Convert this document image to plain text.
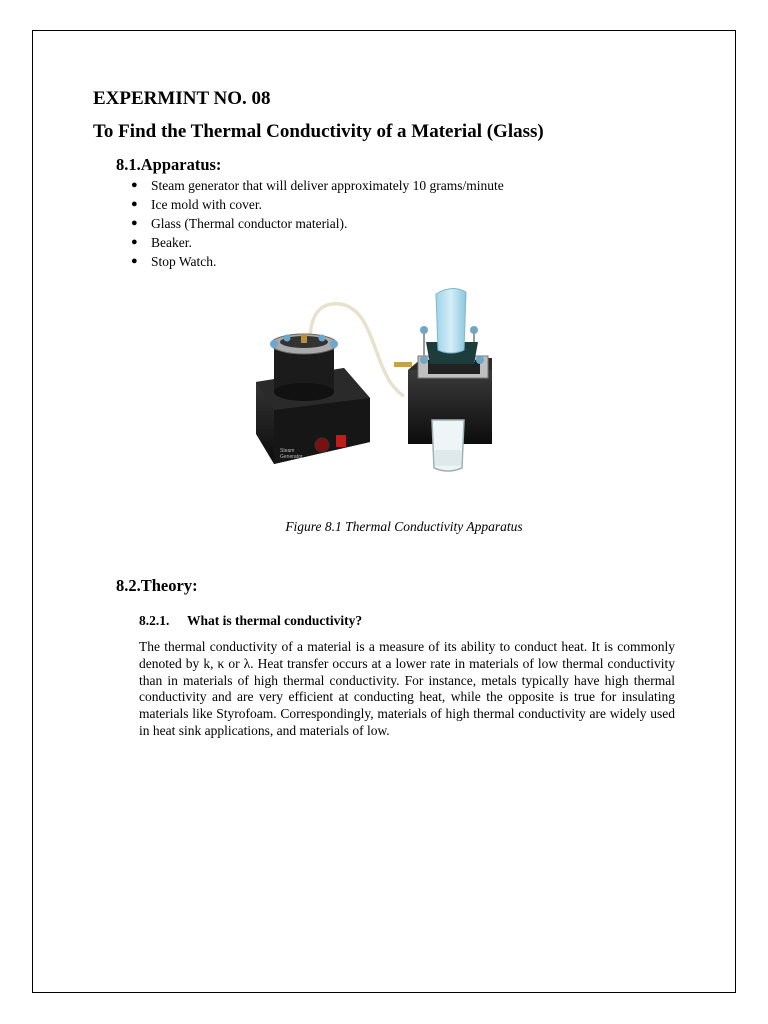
EXPERMINT NO. 08
To Find the Thermal Conductivity of a Material (Glass)
8.1.Apparatus:
● Steam generator that will deliver approximately 10 grams/minute
● Ice mold with cover.
● Glass (Thermal conductor material).
● Beaker.
● Stop Watch.
Steam
Generator
Figure 8.1 Thermal Conductivity Apparatus
8.2.Theory:
8.2.1. What is thermal conductivity?

The thermal conductivity of a material is a measure of its ability to conduct heat. It is commonly denoted by k, κ or λ. Heat transfer occurs at a lower rate in materials of low thermal conductivity than in materials of high thermal conductivity. For instance, metals typically have high thermal conductivity and are very efficient at conducting heat, while the opposite is true for insulating materials like Styrofoam. Correspondingly, materials of high thermal conductivity are widely used in heat sink applications, and materials of low.
